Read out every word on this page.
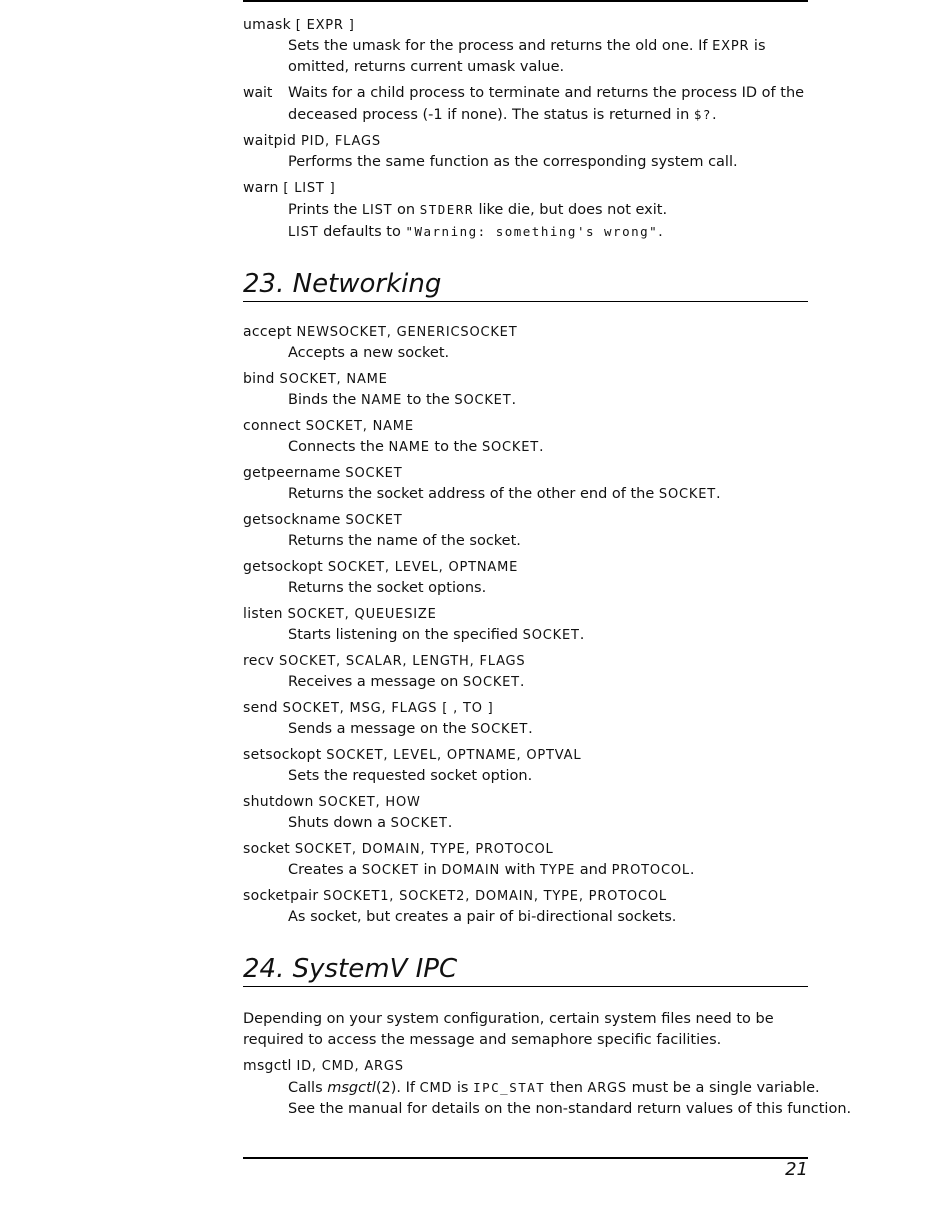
umask [ EXPR ]
Sets the umask for the process and returns the old one. If EXPR is omitted, returns current umask value.
wait	Waits for a child process to terminate and returns the process ID of the deceased process (-1 if none). The status is returned in $?.
waitpid PID, FLAGS
Performs the same function as the corresponding system call.
warn [ LIST ]
Prints the LIST on STDERR like die, but does not exit.
LIST defaults to "Warning: something's wrong".
23. Networking
accept NEWSOCKET, GENERICSOCKET
Accepts a new socket.
bind SOCKET, NAME
Binds the NAME to the SOCKET.
connect SOCKET, NAME
Connects the NAME to the SOCKET.
getpeername SOCKET
Returns the socket address of the other end of the SOCKET.
getsockname SOCKET
Returns the name of the socket.
getsockopt SOCKET, LEVEL, OPTNAME
Returns the socket options.
listen SOCKET, QUEUESIZE
Starts listening on the specified SOCKET.
recv SOCKET, SCALAR, LENGTH, FLAGS
Receives a message on SOCKET.
send SOCKET, MSG, FLAGS [ , TO ]
Sends a message on the SOCKET.
setsockopt SOCKET, LEVEL, OPTNAME, OPTVAL
Sets the requested socket option.
shutdown SOCKET, HOW
Shuts down a SOCKET.
socket SOCKET, DOMAIN, TYPE, PROTOCOL
Creates a SOCKET in DOMAIN with TYPE and PROTOCOL.
socketpair SOCKET1, SOCKET2, DOMAIN, TYPE, PROTOCOL
As socket, but creates a pair of bi-directional sockets.
24. SystemV IPC
Depending on your system configuration, certain system files need to be required to access the message and semaphore specific facilities.
msgctl ID, CMD, ARGS
Calls msgctl(2). If CMD is IPC_STAT then ARGS must be a single variable.
See the manual for details on the non-standard return values of this function.
21
